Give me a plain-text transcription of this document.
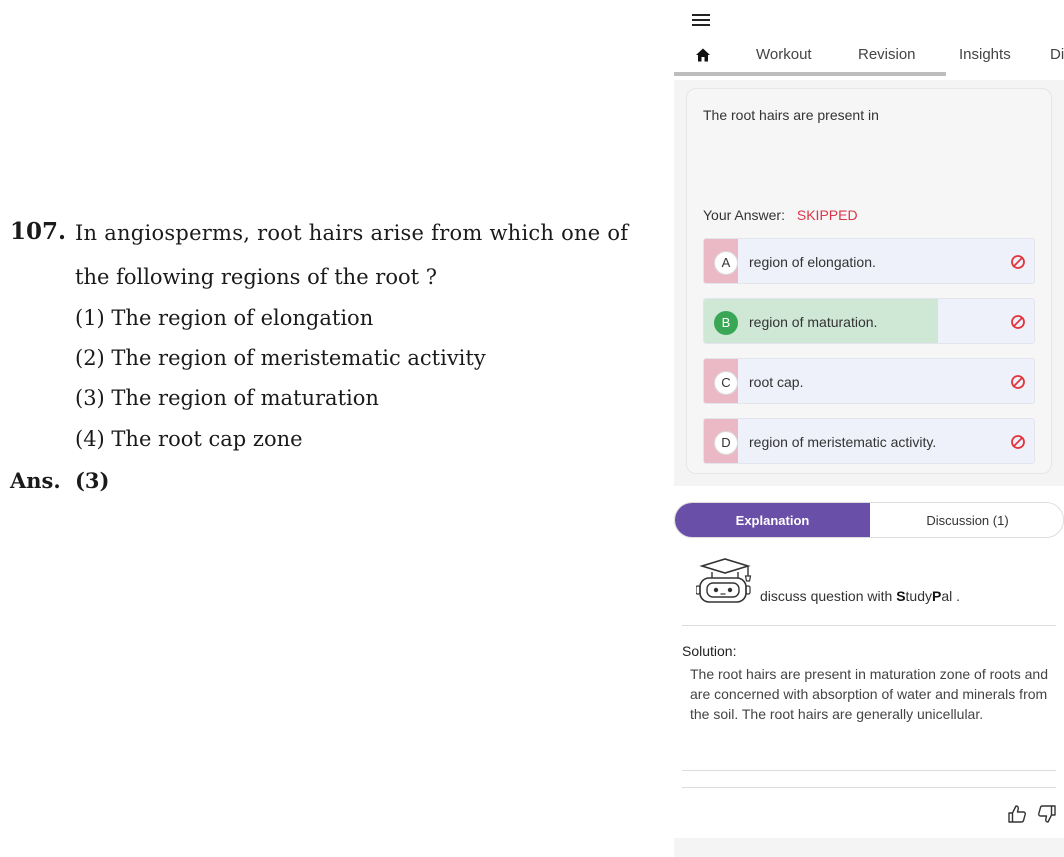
107. In angiosperms, root hairs arise from which one of
the following regions of the root ?
(1) The region of elongation
(2) The region of meristematic activity
(3) The region of maturation
(4) The root cap zone
Ans. (3)
Workout	Revision	Insights	Di
The root hairs are present in
Your Answer: SKIPPED
A	region of elongation.
B	region of maturation.
C	root cap.
D	region of meristematic activity.
Explanation	Discussion (1)
discuss question with StudyPal .
Solution:
The root hairs are present in maturation zone of roots and are concerned with absorption of water and minerals from the soil. The root hairs are generally unicellular.
